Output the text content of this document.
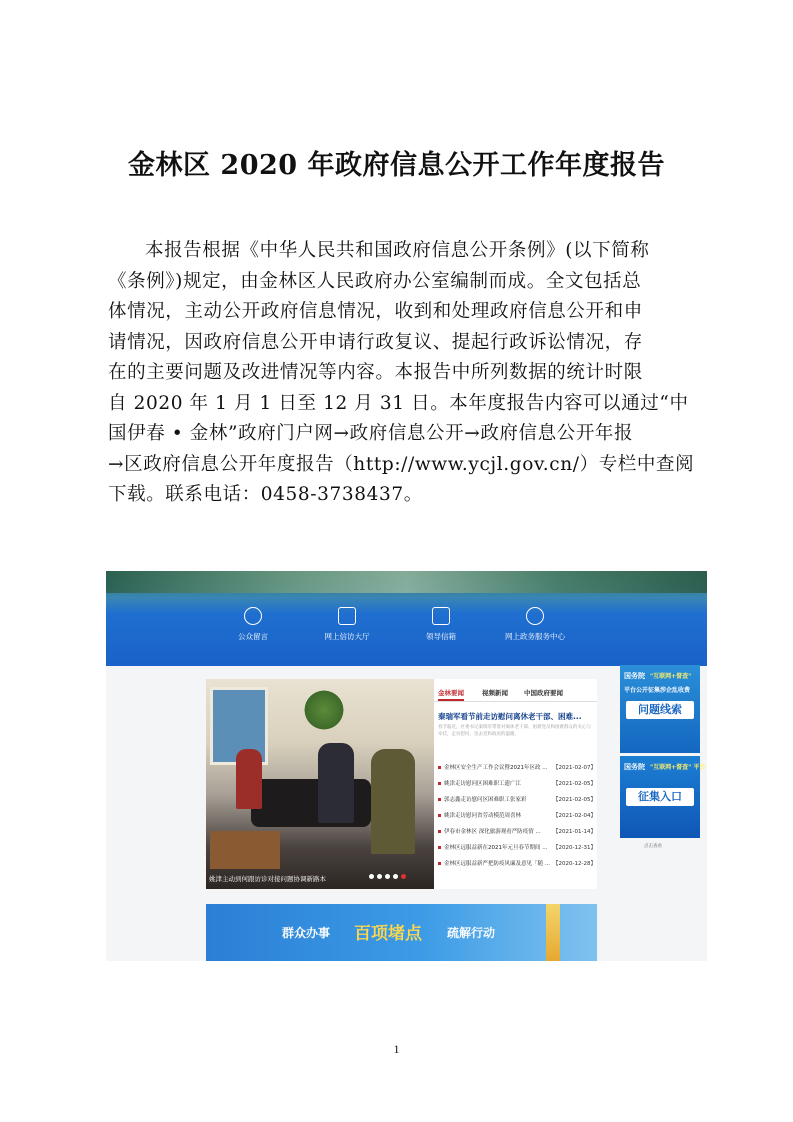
金林区 2020 年政府信息公开工作年度报告
本报告根据《中华人民共和国政府信息公开条例》(以下简称
《条例》)规定，由金林区人民政府办公室编制而成。全文包括总
体情况，主动公开政府信息情况，收到和处理政府信息公开和申
请情况，因政府信息公开申请行政复议、提起行政诉讼情况，存
在的主要问题及改进情况等内容。本报告中所列数据的统计时限
自 2020 年 1 月 1 日至 12 月 31 日。本年度报告内容可以通过“中
国伊春 • 金林”政府门户网→政府信息公开→政府信息公开年报
→区政府信息公开年度报告（http://www.ycjl.gov.cn/）专栏中查阅
下载。联系电话：0458-3738437。
公众留言	网上信访大厅	领导信箱	网上政务服务中心
姚津主动到何跟访诊对接问题协调新路本
金林要闻	视频新闻 中国政府要闻
秦瑞军看节前走访慰问离休老干部、困难...
春节临近，区委书记秦瑞军带着对离休老干部、困难党员和困难群众的关心与牵挂，走访慰问，送去党和政府的温暖。
金林区安全生产工作会议暨2021年区政 ... 【2021-02-07】
姚津走访慰问区困难职工遗广江	【2021-02-05】
郭志鑫走访慰问区困难职工张家彩	【2021-02-05】
姚津走访慰问省劳动模范周喜林	【2021-02-04】
伊春市金林区 深化旅游观看严防疫情 ... 【2021-01-14】
金林区远服益新在2021年元旦春节期间 ... 【2020-12-31】
金林区远服益新严把防疫风廉及意见「随 ... 【2020-12-28】
国务院 "互联网+督查"
平台公开征集涉企乱收费
问题线索
国务院 "互联网+督查" 平台
征集入口
点击查看
群众办事 百项堵点 疏解行动
1
